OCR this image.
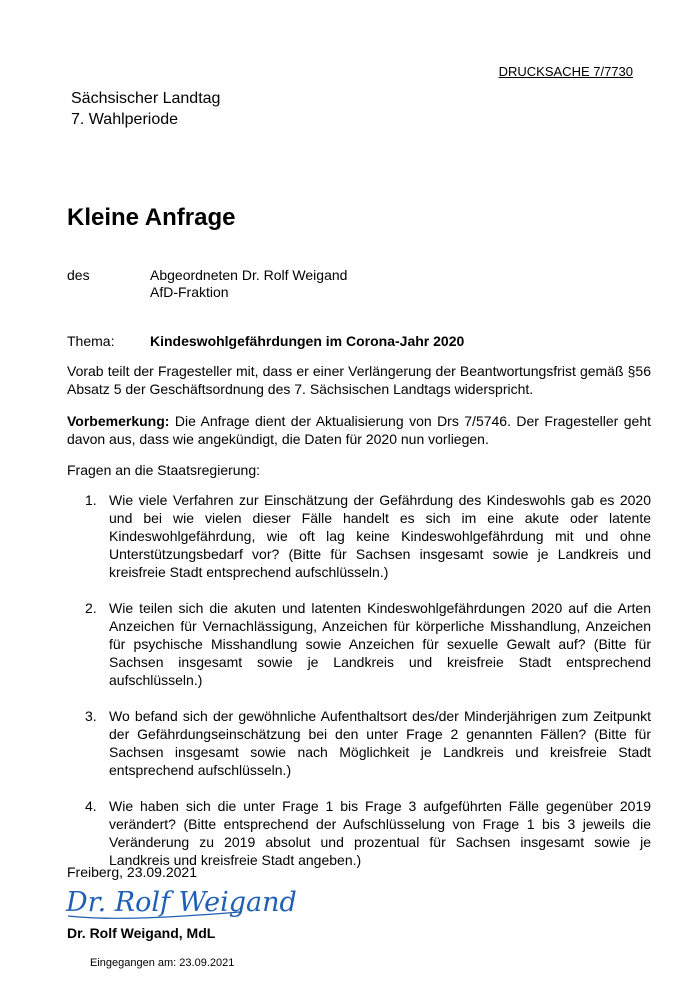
DRUCKSACHE 7/7730
Sächsischer Landtag
7. Wahlperiode
Kleine Anfrage
des	Abgeordneten Dr. Rolf Weigand
AfD-Fraktion
Thema:	Kindeswohlgefährdungen im Corona-Jahr 2020
Vorab teilt der Fragesteller mit, dass er einer Verlängerung der Beantwortungsfrist gemäß §56 Absatz 5 der Geschäftsordnung des 7. Sächsischen Landtags widerspricht.
Vorbemerkung: Die Anfrage dient der Aktualisierung von Drs 7/5746. Der Fragesteller geht davon aus, dass wie angekündigt, die Daten für 2020 nun vorliegen.
Fragen an die Staatsregierung:
1. Wie viele Verfahren zur Einschätzung der Gefährdung des Kindeswohls gab es 2020 und bei wie vielen dieser Fälle handelt es sich im eine akute oder latente Kindeswohlgefährdung, wie oft lag keine Kindeswohlgefährdung mit und ohne Unterstützungsbedarf vor? (Bitte für Sachsen insgesamt sowie je Landkreis und kreisfreie Stadt entsprechend aufschlüsseln.)
2. Wie teilen sich die akuten und latenten Kindeswohlgefährdungen 2020 auf die Arten Anzeichen für Vernachlässigung, Anzeichen für körperliche Misshandlung, Anzeichen für psychische Misshandlung sowie Anzeichen für sexuelle Gewalt auf? (Bitte für Sachsen insgesamt sowie je Landkreis und kreisfreie Stadt entsprechend aufschlüsseln.)
3. Wo befand sich der gewöhnliche Aufenthaltsort des/der Minderjährigen zum Zeitpunkt der Gefährdungseinschätzung bei den unter Frage 2 genannten Fällen? (Bitte für Sachsen insgesamt sowie nach Möglichkeit je Landkreis und kreisfreie Stadt entsprechend aufschlüsseln.)
4. Wie haben sich die unter Frage 1 bis Frage 3 aufgeführten Fälle gegenüber 2019 verändert? (Bitte entsprechend der Aufschlüsselung von Frage 1 bis 3 jeweils die Veränderung zu 2019 absolut und prozentual für Sachsen insgesamt sowie je Landkreis und kreisfreie Stadt angeben.)
Freiberg, 23.09.2021
Dr. Rolf Weigand
Dr. Rolf Weigand, MdL
Eingegangen am: 23.09.2021
